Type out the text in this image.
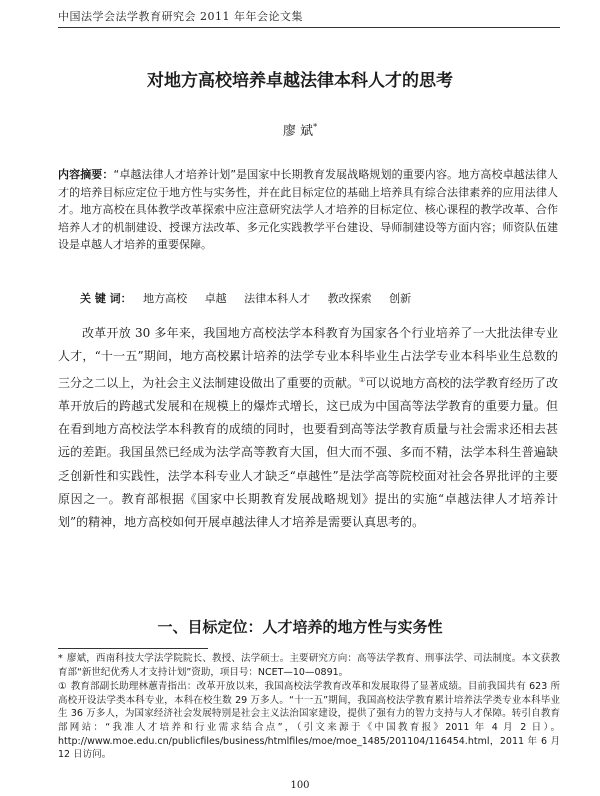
中国法学会法学教育研究会 2011 年年会论文集
对地方高校培养卓越法律本科人才的思考
廖 斌*
内容摘要：“卓越法律人才培养计划”是国家中长期教育发展战略规划的重要内容。地方高校卓越法律人才的培养目标应定位于地方性与实务性，并在此目标定位的基础上培养具有综合法律素养的应用法律人才。地方高校在具体教学改革探索中应注意研究法学人才培养的目标定位、核心课程的教学改革、合作培养人才的机制建设、授课方法改革、多元化实践教学平台建设、导师制建设等方面内容；师资队伍建设是卓越人才培养的重要保障。
关 键 词： 地方高校 卓越 法律本科人才 教改探索 创新
改革开放 30 多年来，我国地方高校法学本科教育为国家各个行业培养了一大批法律专业人才，“十一五”期间，地方高校累计培养的法学专业本科毕业生占法学专业本科毕业生总数的三分之二以上，为社会主义法制建设做出了重要的贡献。①可以说地方高校的法学教育经历了改革开放后的跨越式发展和在规模上的爆炸式增长，这已成为中国高等法学教育的重要力量。但在看到地方高校法学本科教育的成绩的同时，也要看到高等法学教育质量与社会需求还相去甚远的差距。我国虽然已经成为法学高等教育大国，但大而不强、多而不精，法学本科生普遍缺乏创新性和实践性，法学本科专业人才缺乏“卓越性”是法学高等院校面对社会各界批评的主要原因之一。教育部根据《国家中长期教育发展战略规划》提出的实施“卓越法律人才培养计划”的精神，地方高校如何开展卓越法律人才培养是需要认真思考的。
一、目标定位：人才培养的地方性与实务性

* 廖斌，西南科技大学法学院院长、教授、法学硕士。主要研究方向：高等法学教育、刑事法学、司法制度。本文获教育部“新世纪优秀人才支持计划”资助，项目号：NCET—10—0891。

① 教育部副长助理林蕙青指出：改革开放以来，我国高校法学教育改革和发展取得了显著成绩。目前我国共有 623 所高校开设法学类本科专业，本科在校生数 29 万多人。“十一五”期间，我国高校法学教育累计培养法学类专业本科毕业生 36 万多人，为国家经济社会发展特别是社会主义法治国家建设，提供了强有力的智力支持与人才保障。转引自教育部网站：“我准人才培养和行业需求结合点”，（引文来源于《中国教育报》2011 年 4 月 2 日）。http://www.moe.edu.cn/publicfiles/business/htmlfiles/moe/moe_1485/201104/116454.html，2011 年 6 月 12 日访问。

100
